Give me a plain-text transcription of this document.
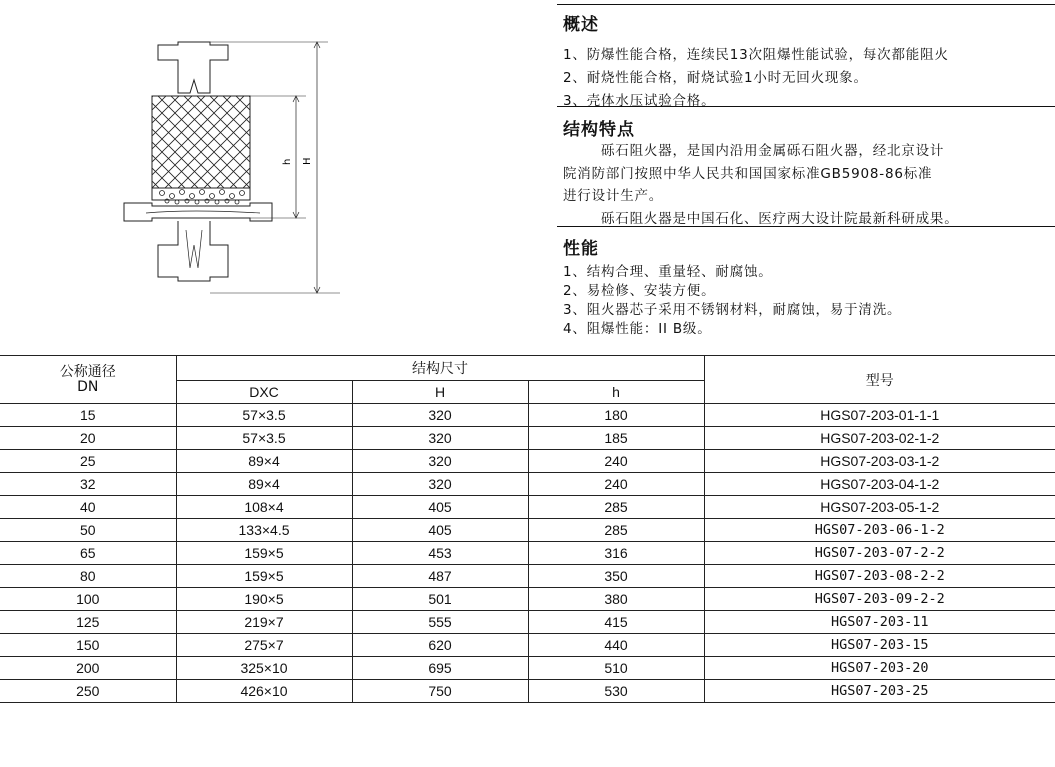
h H
概述
1、防爆性能合格，连续民13次阻爆性能试验，每次都能阻火
2、耐烧性能合格，耐烧试验1小时无回火现象。
3、壳体水压试验合格。
结构特点
砾石阻火器，是国内沿用金属砾石阻火器，经北京设计
院消防部门按照中华人民共和国国家标准GB5908-86标准
进行设计生产。
砾石阻火器是中国石化、医疗两大设计院最新科研成果。
性能
1、结构合理、重量轻、耐腐蚀。
2、易检修、安装方便。
3、阻火器芯子采用不锈钢材料，耐腐蚀，易于清洗。
4、阻爆性能：II B级。
公称通径
DN	结构尺寸			型号
	DXC	H	h	
15	57×3.5	320	180	HGS07-203-01-1-1
20	57×3.5	320	185	HGS07-203-02-1-2
25	89×4	320	240	HGS07-203-03-1-2
32	89×4	320	240	HGS07-203-04-1-2
40	108×4	405	285	HGS07-203-05-1-2
50	133×4.5	405	285	HGS07-203-06-1-2
65	159×5	453	316	HGS07-203-07-2-2
80	159×5	487	350	HGS07-203-08-2-2
100	190×5	501	380	HGS07-203-09-2-2
125	219×7	555	415	HGS07-203-11
150	275×7	620	440	HGS07-203-15
200	325×10	695	510	HGS07-203-20
250	426×10	750	530	HGS07-203-25
